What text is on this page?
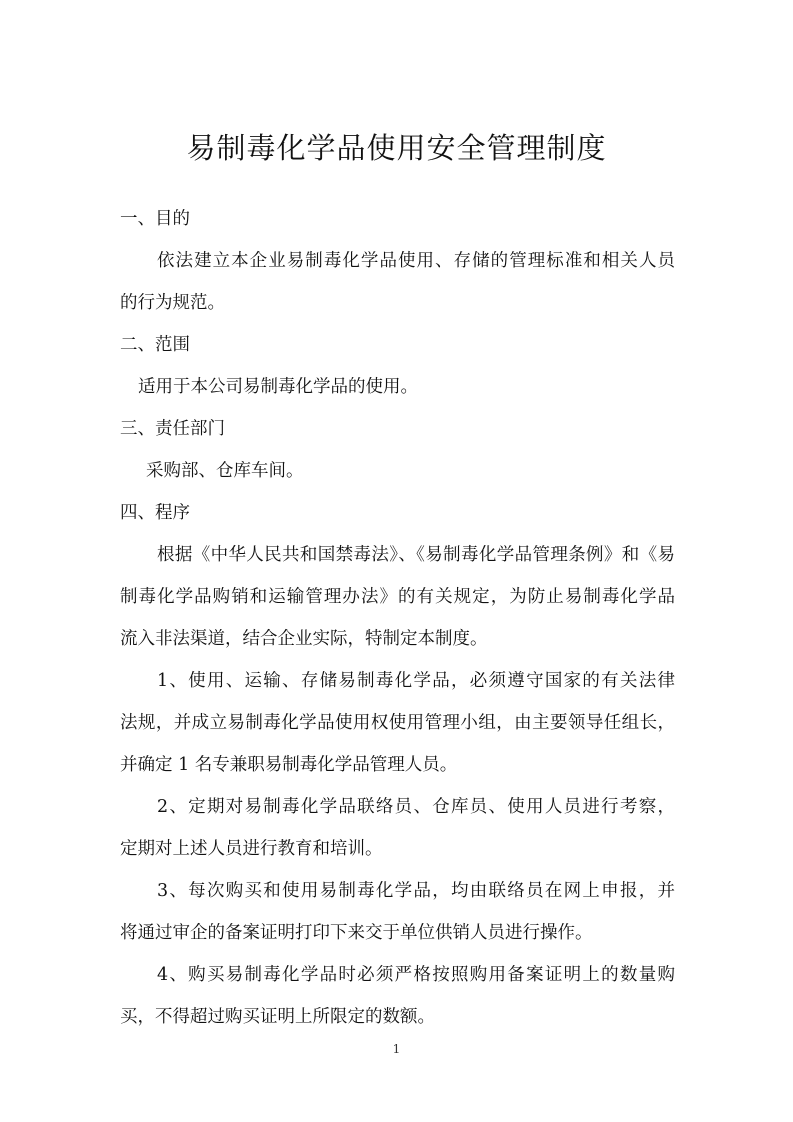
易制毒化学品使用安全管理制度

一、目的

依法建立本企业易制毒化学品使用、存储的管理标准和相关人员

的行为规范。

二、范围

适用于本公司易制毒化学品的使用。

三、责任部门

采购部、仓库车间。

四、程序

根据《中华人民共和国禁毒法》、《易制毒化学品管理条例》和《易

制毒化学品购销和运输管理办法》的有关规定，为防止易制毒化学品

流入非法渠道，结合企业实际，特制定本制度。

1、使用、运输、存储易制毒化学品，必须遵守国家的有关法律

法规，并成立易制毒化学品使用权使用管理小组，由主要领导任组长，

并确定 1 名专兼职易制毒化学品管理人员。

2、定期对易制毒化学品联络员、仓库员、使用人员进行考察，

定期对上述人员进行教育和培训。

3、每次购买和使用易制毒化学品，均由联络员在网上申报，并

将通过审企的备案证明打印下来交于单位供销人员进行操作。

4、购买易制毒化学品时必须严格按照购用备案证明上的数量购

买，不得超过购买证明上所限定的数额。

1
